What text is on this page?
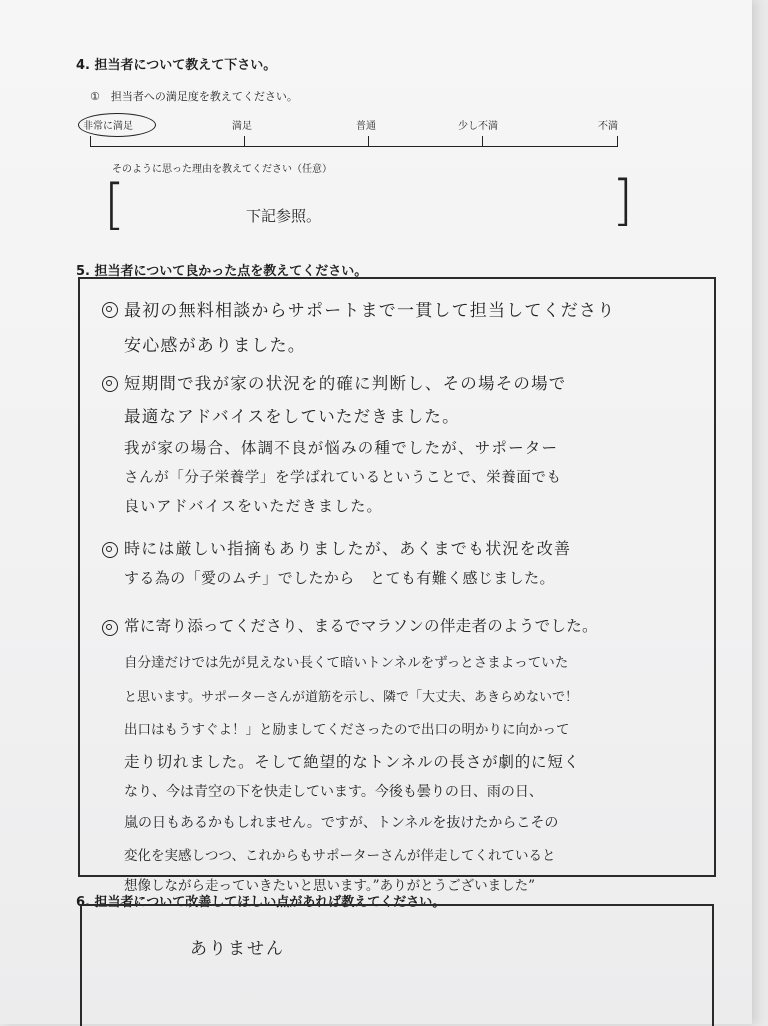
4. 担当者について教えて下さい。
①　担当者への満足度を教えてください。
非常に満足	満足	普通	少し不満	不満
そのように思った理由を教えてください（任意）
[	]
下記参照。
5. 担当者について良かった点を教えてください。
最初の無料相談からサポートまで一貫して担当してくださり
安心感がありました。
短期間で我が家の状況を的確に判断し、その場その場で
最適なアドバイスをしていただきました。
我が家の場合、体調不良が悩みの種でしたが、サポーター
さんが「分子栄養学」を学ばれているということで、栄養面でも
良いアドバイスをいただきました。
時には厳しい指摘もありましたが、あくまでも状況を改善
する為の「愛のムチ」でしたから　とても有難く感じました。
常に寄り添ってくださり、まるでマラソンの伴走者のようでした。
自分達だけでは先が見えない長くて暗いトンネルをずっとさまよっていた
と思います。サポーターさんが道筋を示し、隣で「大丈夫、あきらめないで！
出口はもうすぐよ！」と励ましてくださったので出口の明かりに向かって
走り切れました。そして絶望的なトンネルの長さが劇的に短く
なり、今は青空の下を快走しています。今後も曇りの日、雨の日、
嵐の日もあるかもしれません。ですが、トンネルを抜けたからこその
変化を実感しつつ、これからもサポーターさんが伴走してくれていると
想像しながら走っていきたいと思います。”ありがとうございました”
6. 担当者について改善してほしい点があれば教えてください。
ありません
